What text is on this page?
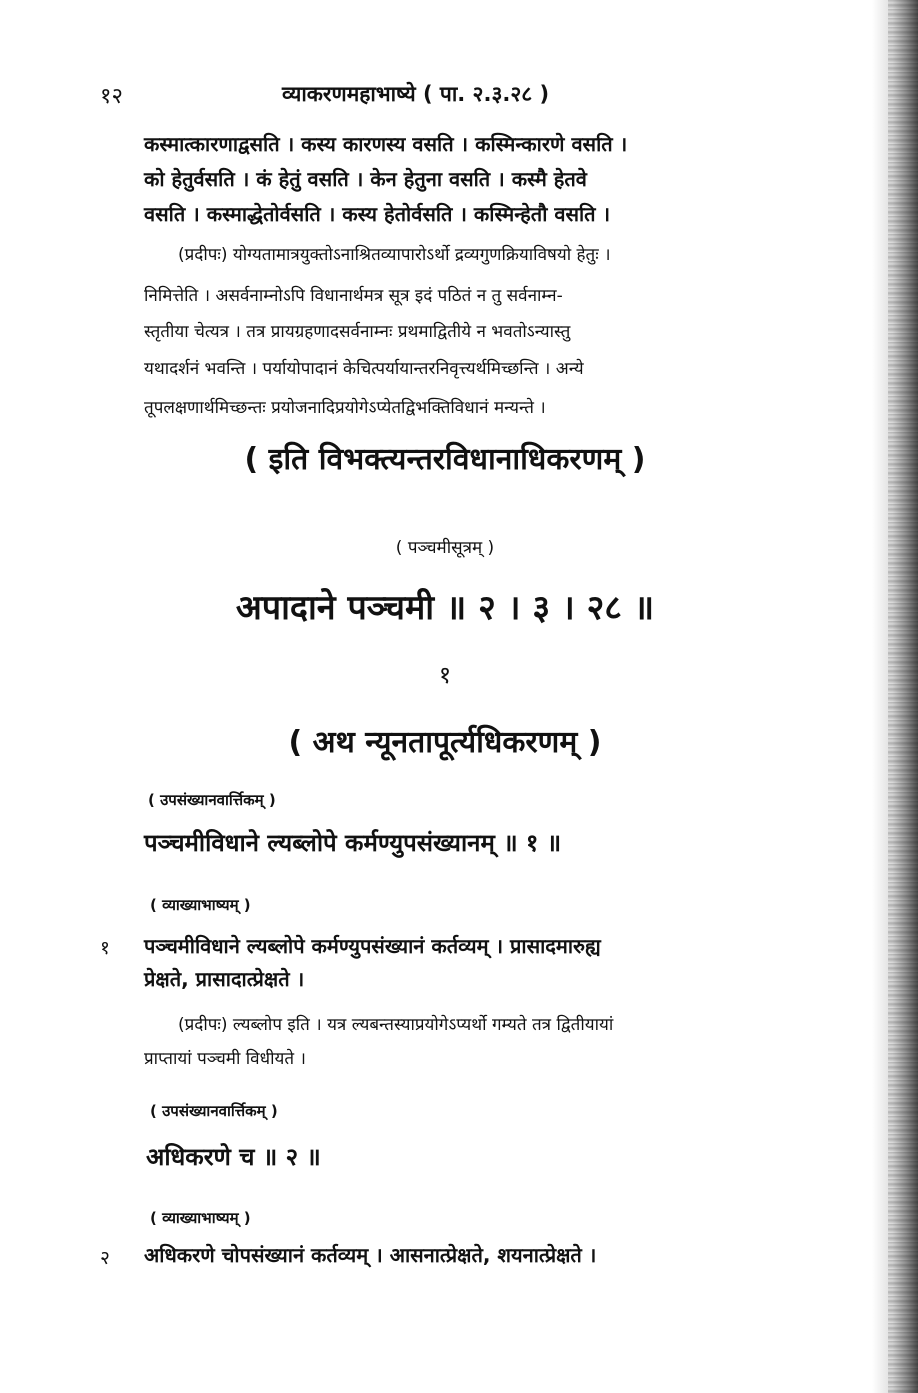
१२	व्याकरणमहाभाष्ये ( पा. २.३.२८ )
कस्मात्कारणाद्वसति । कस्य कारणस्य वसति । कस्मिन्कारणे वसति ।
को हेतुर्वसति । कं हेतुं वसति । केन हेतुना वसति । कस्मै हेतवे
वसति । कस्माद्धेतोर्वसति । कस्य हेतोर्वसति । कस्मिन्हेतौ वसति ।
(प्रदीपः) योग्यतामात्रयुक्तोऽनाश्रितव्यापारोऽर्थो द्रव्यगुणक्रियाविषयो हेतुः ।
निमित्तेति । असर्वनाम्नोऽपि विधानार्थमत्र सूत्र इदं पठितं न तु सर्वनाम्न-
स्तृतीया चेत्यत्र । तत्र प्रायग्रहणादसर्वनाम्नः प्रथमाद्वितीये न भवतोऽन्यास्तु
यथादर्शनं भवन्ति । पर्यायोपादानं केचित्पर्यायान्तरनिवृत्त्यर्थमिच्छन्ति । अन्ये
तूपलक्षणार्थमिच्छन्तः प्रयोजनादिप्रयोगेऽप्येतद्विभक्तिविधानं मन्यन्ते ।
( इति विभक्त्यन्तरविधानाधिकरणम् )
( पञ्चमीसूत्रम् )
अपादाने पञ्चमी ॥ २ । ३ । २८ ॥
१
( अथ न्यूनतापूर्त्यधिकरणम् )
( उपसंख्यानवार्त्तिकम् )
पञ्चमीविधाने ल्यब्लोपे कर्मण्युपसंख्यानम् ॥ १ ॥
( व्याख्याभाष्यम् )
१ पञ्चमीविधाने ल्यब्लोपे कर्मण्युपसंख्यानं कर्तव्यम् । प्रासादमारुह्य
प्रेक्षते, प्रासादात्प्रेक्षते ।
(प्रदीपः) ल्यब्लोप इति । यत्र ल्यबन्तस्याप्रयोगेऽप्यर्थो गम्यते तत्र द्वितीयायां
प्राप्तायां पञ्चमी विधीयते ।
( उपसंख्यानवार्त्तिकम् )
अधिकरणे च ॥ २ ॥
( व्याख्याभाष्यम् )
२ अधिकरणे चोपसंख्यानं कर्तव्यम् । आसनात्प्रेक्षते, शयनात्प्रेक्षते ।
